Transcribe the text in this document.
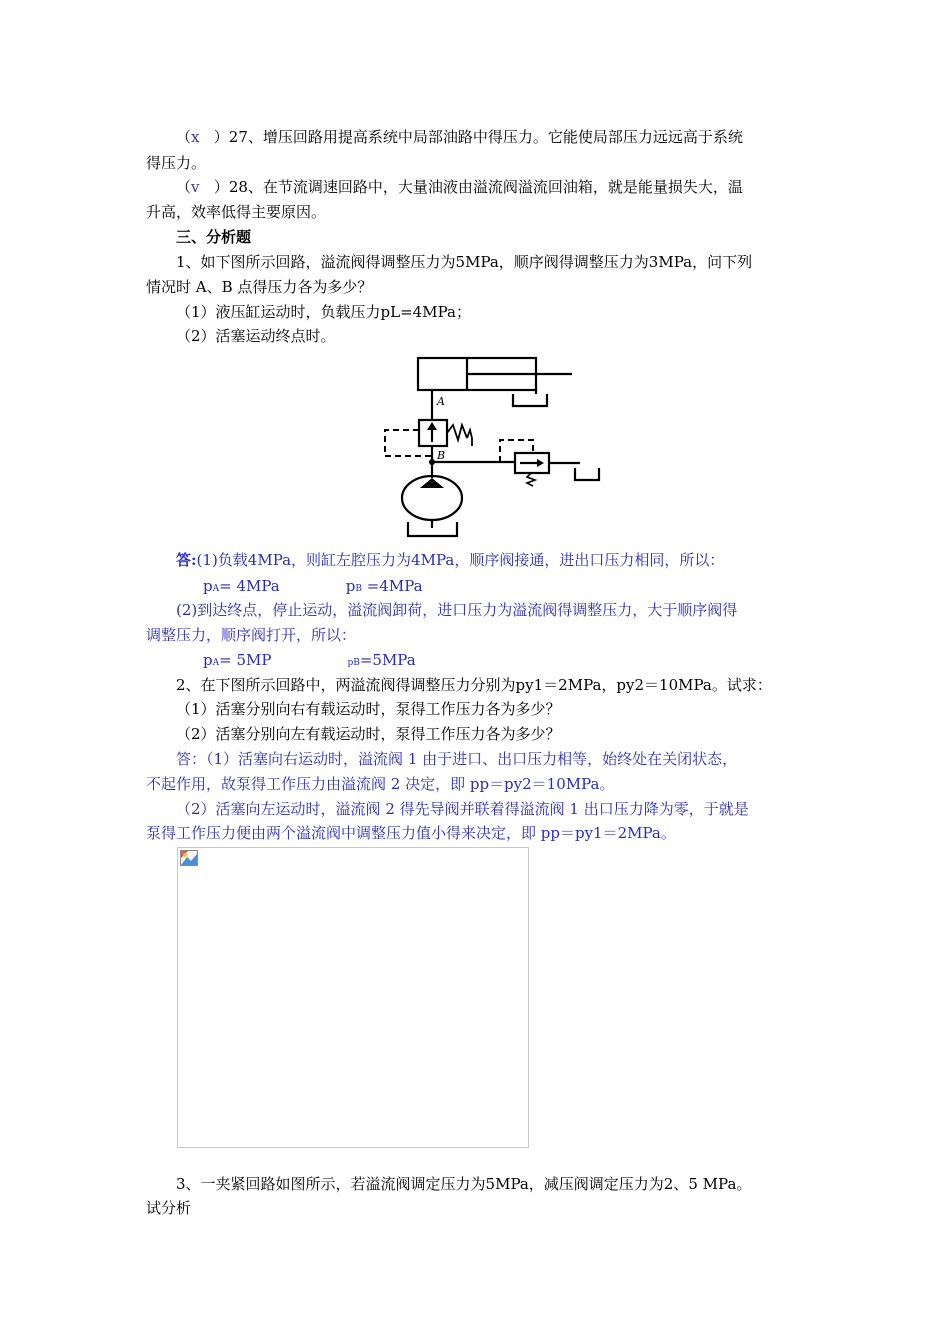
（x ）27、增压回路用提高系统中局部油路中得压力。它能使局部压力远远高于系统
得压力。
（v ）28、在节流调速回路中，大量油液由溢流阀溢流回油箱，就是能量损失大，温
升高，效率低得主要原因。
三、分析题
1、如下图所示回路，溢流阀得调整压力为5MPa，顺序阀得调整压力为3MPa，问下列
情况时 A、B 点得压力各为多少？
（1）液压缸运动时，负载压力pL=4MPa；
（2）活塞运动终点时。
A
B
答:(1)负载4MPa，则缸左腔压力为4MPa，顺序阀接通，进出口压力相同，所以：
pA= 4MPa	pB =4MPa
(2)到达终点，停止运动，溢流阀卸荷，进口压力为溢流阀得调整压力，大于顺序阀得
调整压力，顺序阀打开，所以：
pA= 5MP	pB=5MPa
2、在下图所示回路中，两溢流阀得调整压力分别为py1＝2MPa，py2＝10MPa。试求：
（1）活塞分别向右有载运动时，泵得工作压力各为多少？
（2）活塞分别向左有载运动时，泵得工作压力各为多少？
答：（1）活塞向右运动时，溢流阀 1 由于进口、出口压力相等，始终处在关闭状态，
不起作用，故泵得工作压力由溢流阀 2 决定，即 pp＝py2＝10MPa。
（2）活塞向左运动时，溢流阀 2 得先导阀并联着得溢流阀 1 出口压力降为零，于就是
泵得工作压力便由两个溢流阀中调整压力值小得来决定，即 pp＝py1＝2MPa。
3、一夹紧回路如图所示，若溢流阀调定压力为5MPa，减压阀调定压力为2、5 MPa。
试分析
